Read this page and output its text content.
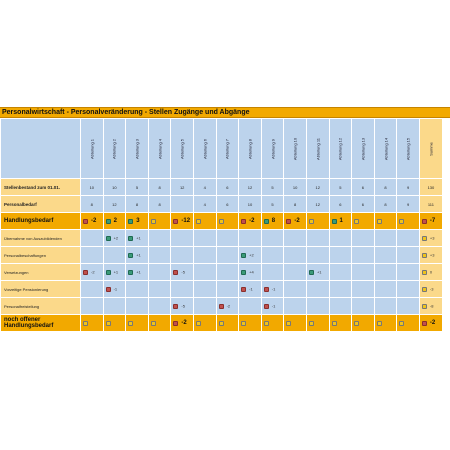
Personalwirtschaft - Personalveränderung - Stellen Zugänge und Abgänge

	Abteilung 1	Abteilung 2	Abteilung 3	Abteilung 4	Abteilung 5	Abteilung 6	Abteilung 7	Abteilung 8	Abteilung 9	Abteilung 10	Abteilung 11	Abteilung 12	Abteilung 13	Abteilung 14	Abteilung 15	Summe

Stellenbestand zum 01.01.	10	10	5	8	12	4	6	12	5	10	12	5	6	8	9	130

Personalbedarf	8	12	8	8		4	6	10	5	8	12	6	6	8	9	111

Handlungsbedarf	-2	2	3		-12			-2	8	-2		1				-7

Übernahme von Auszubildenden		+2	+1													+3

Personalbeschaffungen			+1					+2								+3

Versetzungen	-2	+1	+1		-5			+4			+1					0

Vorzeitige Pensionierung		-1						-1	-1							-3

Personalfreistellung					-5		-2		-1							-8

noch offener Handlungsbedarf					-2											-2
